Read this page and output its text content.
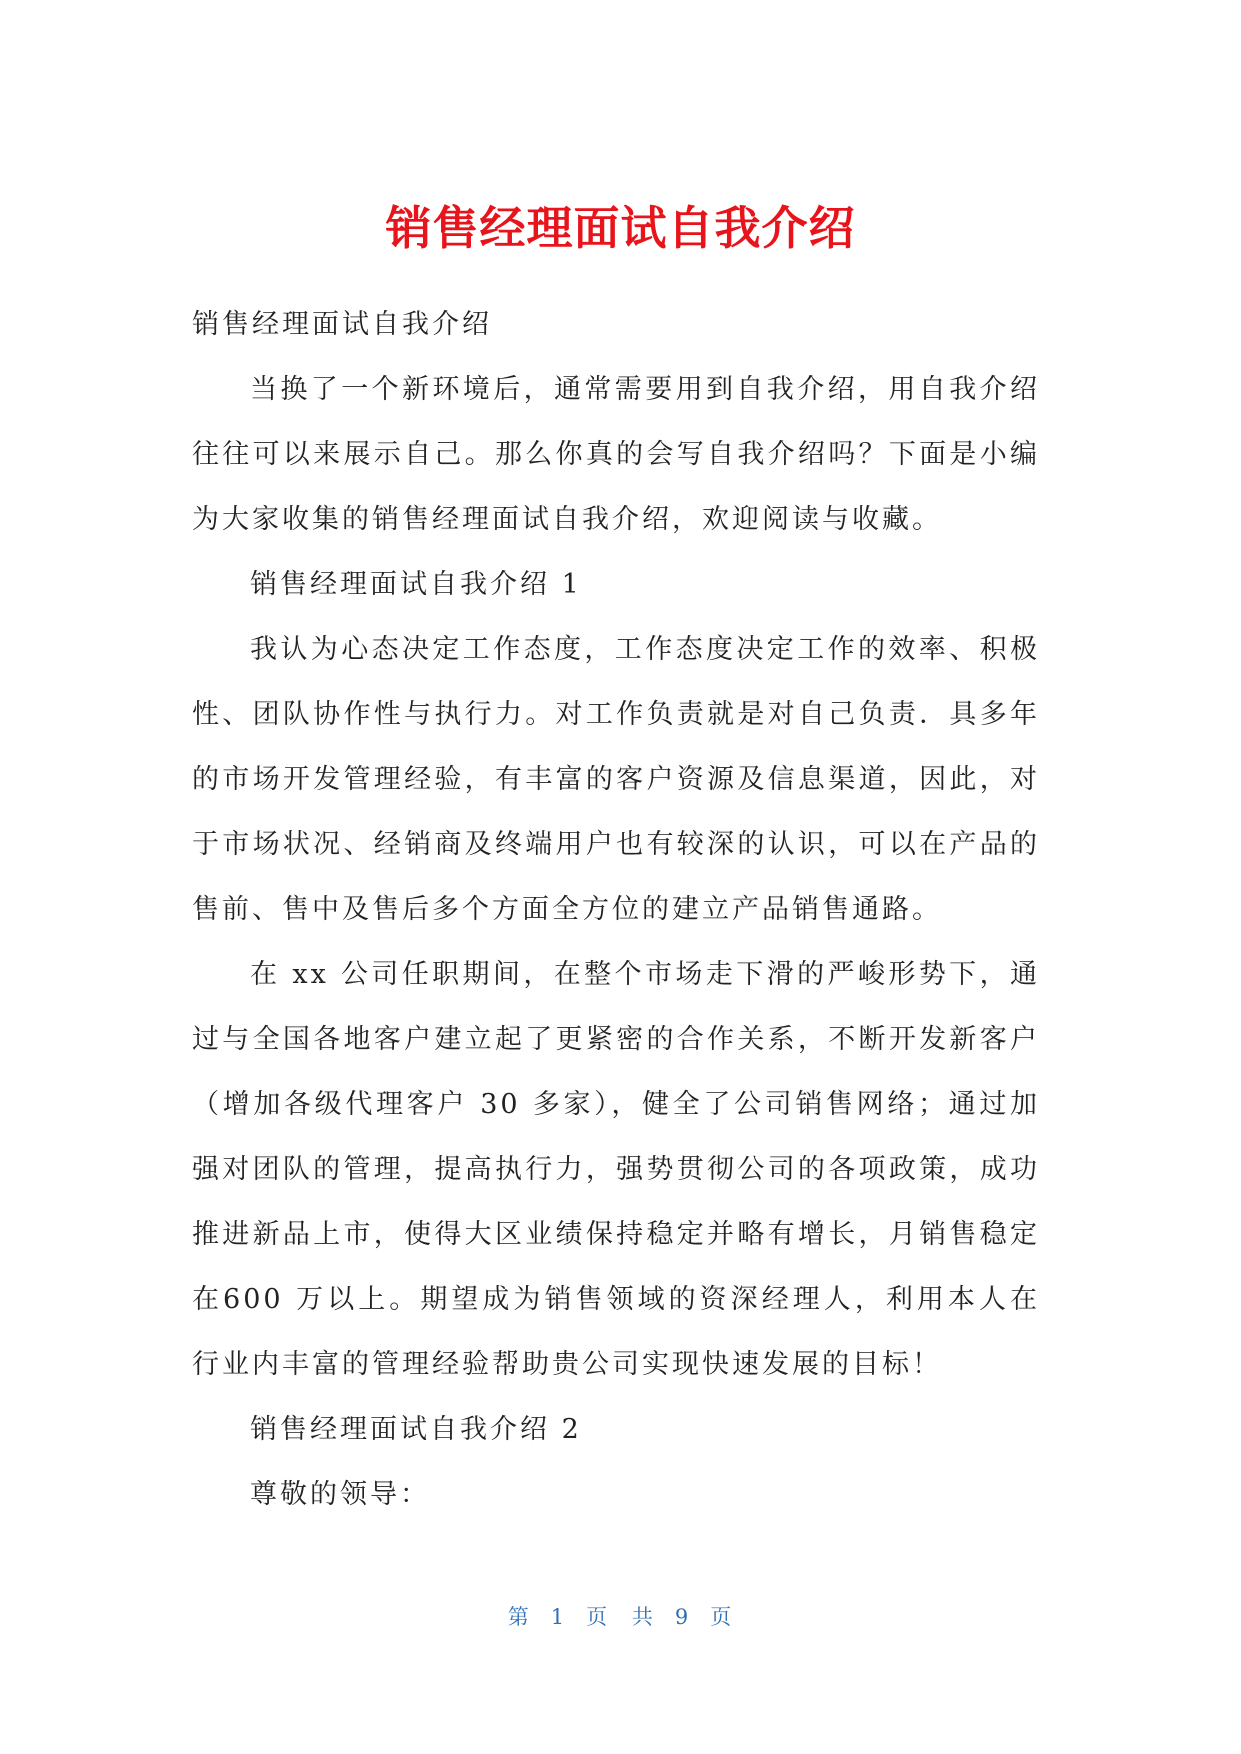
销售经理面试自我介绍

销售经理面试自我介绍

当换了一个新环境后，通常需要用到自我介绍，用自我介绍往往可以来展示自己。那么你真的会写自我介绍吗？下面是小编为大家收集的销售经理面试自我介绍，欢迎阅读与收藏。

销售经理面试自我介绍 1

我认为心态决定工作态度，工作态度决定工作的效率、积极性、团队协作性与执行力。对工作负责就是对自己负责．具多年的市场开发管理经验，有丰富的客户资源及信息渠道，因此，对于市场状况、经销商及终端用户也有较深的认识，可以在产品的售前、售中及售后多个方面全方位的建立产品销售通路。

在 xx 公司任职期间，在整个市场走下滑的严峻形势下，通过与全国各地客户建立起了更紧密的合作关系，不断开发新客户（增加各级代理客户 30 多家），健全了公司销售网络；通过加强对团队的管理，提高执行力，强势贯彻公司的各项政策，成功推进新品上市，使得大区业绩保持稳定并略有增长，月销售稳定在600 万以上。期望成为销售领域的资深经理人，利用本人在行业内丰富的管理经验帮助贵公司实现快速发展的目标！

销售经理面试自我介绍 2

尊敬的领导：

第 1 页 共 9 页
